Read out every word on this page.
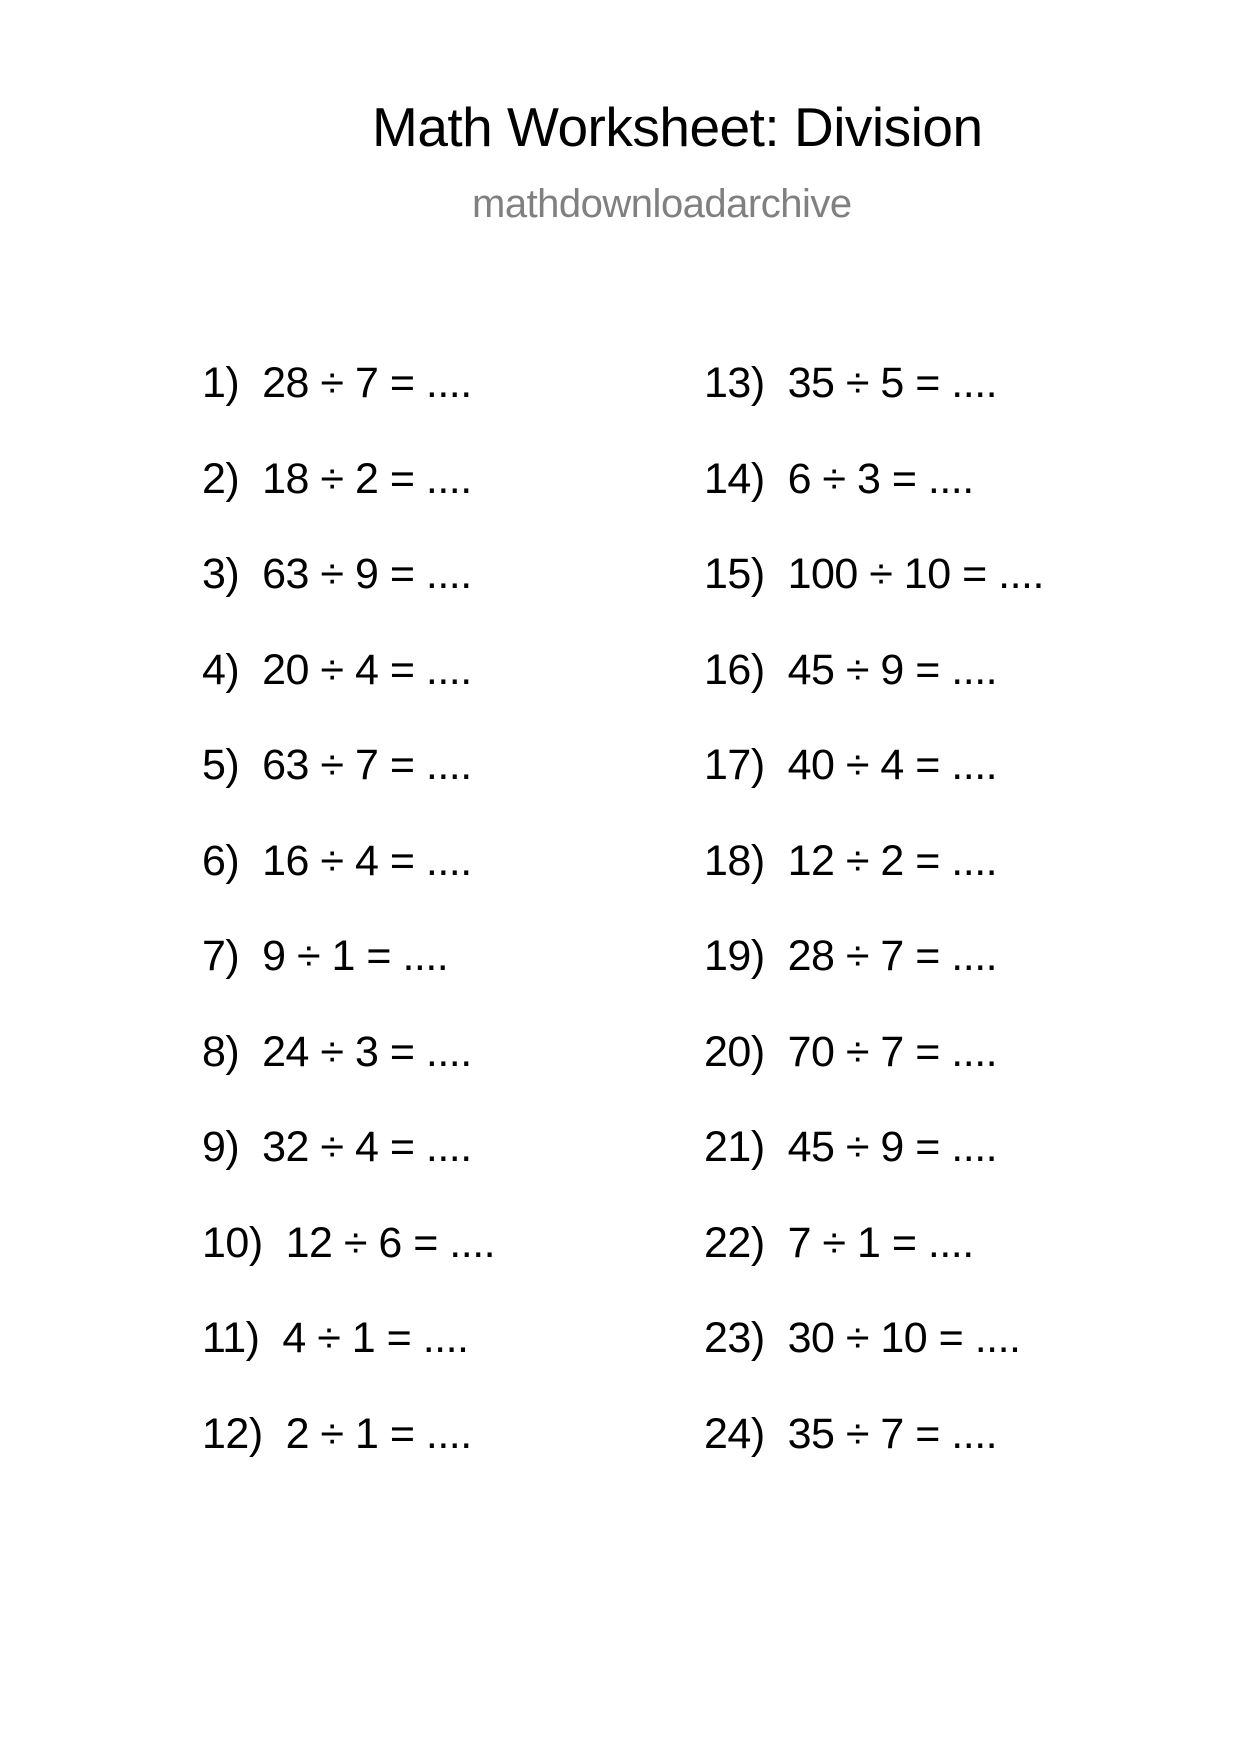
Math Worksheet: Division
mathdownloadarchive
1) 28 ÷ 7 = ....
2) 18 ÷ 2 = ....
3) 63 ÷ 9 = ....
4) 20 ÷ 4 = ....
5) 63 ÷ 7 = ....
6) 16 ÷ 4 = ....
7) 9 ÷ 1 = ....
8) 24 ÷ 3 = ....
9) 32 ÷ 4 = ....
10) 12 ÷ 6 = ....
11) 4 ÷ 1 = ....
12) 2 ÷ 1 = ....
13) 35 ÷ 5 = ....
14) 6 ÷ 3 = ....
15) 100 ÷ 10 = ....
16) 45 ÷ 9 = ....
17) 40 ÷ 4 = ....
18) 12 ÷ 2 = ....
19) 28 ÷ 7 = ....
20) 70 ÷ 7 = ....
21) 45 ÷ 9 = ....
22) 7 ÷ 1 = ....
23) 30 ÷ 10 = ....
24) 35 ÷ 7 = ....
